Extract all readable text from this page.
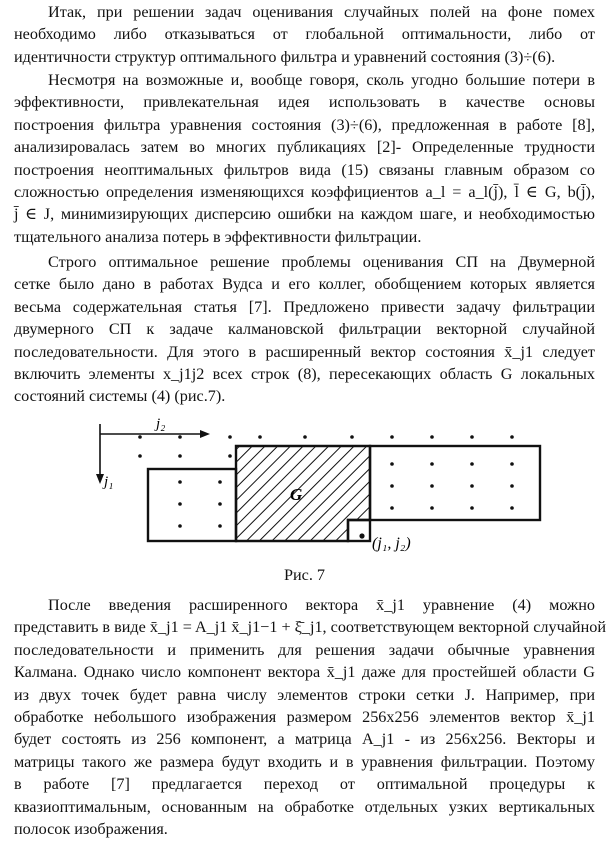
Итак, при решении задач оценивания случайных полей на фоне помех
необходимо либо отказываться от глобальной оптимальности, либо от
идентичности структур оптимального фильтра и уравнений состояния (3)÷(6).
Несмотря на возможные и, вообще говоря, сколь угодно большие потери в
эффективности, привлекательная идея использовать в качестве основы
построения фильтра уравнения состояния (3)÷(6), предложенная в работе [8],
анализировалась затем во многих публикациях [2]- Определенные трудности
построения неоптимальных фильтров вида (15) связаны главным образом со
сложностью определения изменяющихся коэффициентов a_l = a_l(j̄), l̄ ∈ G, b(j̄),
j̄ ∈ J, минимизирующих дисперсию ошибки на каждом шаге, и необходимостью
тщательного анализа потерь в эффективности фильтрации.
Строго оптимальное решение проблемы оценивания СП на Двумерной
сетке было дано в работах Вудса и его коллег, обобщением которых является
весьма содержательная статья [7]. Предложено привести задачу фильтрации
двумерного СП к задаче калмановской фильтрации векторной случайной
последовательности. Для этого в расширенный вектор состояния x̄_j1 следует
включить элементы x_j1j2 всех строк (8), пересекающих область G локальных
состояний системы (4) (рис.7).
j₂
j₁
G
(j₁, j₂)
Рис. 7
После введения расширенного вектора x̄_j1 уравнение (4) можно
представить в виде x̄_j1 = A_j1 x̄_j1−1 + ξ̄_j1, соответствующем векторной случайной
последовательности и применить для решения задачи обычные уравнения
Калмана. Однако число компонент вектора x̄_j1 даже для простейшей области G
из двух точек будет равна числу элементов строки сетки J. Например, при
обработке небольшого изображения размером 256x256 элементов вектор x̄_j1
будет состоять из 256 компонент, а матрица A_j1 - из 256x256. Векторы и
матрицы такого же размера будут входить и в уравнения фильтрации. Поэтому
в работе [7] предлагается переход от оптимальной процедуры к
квазиоптимальным, основанным на обработке отдельных узких вертикальных
полосок изображения.
